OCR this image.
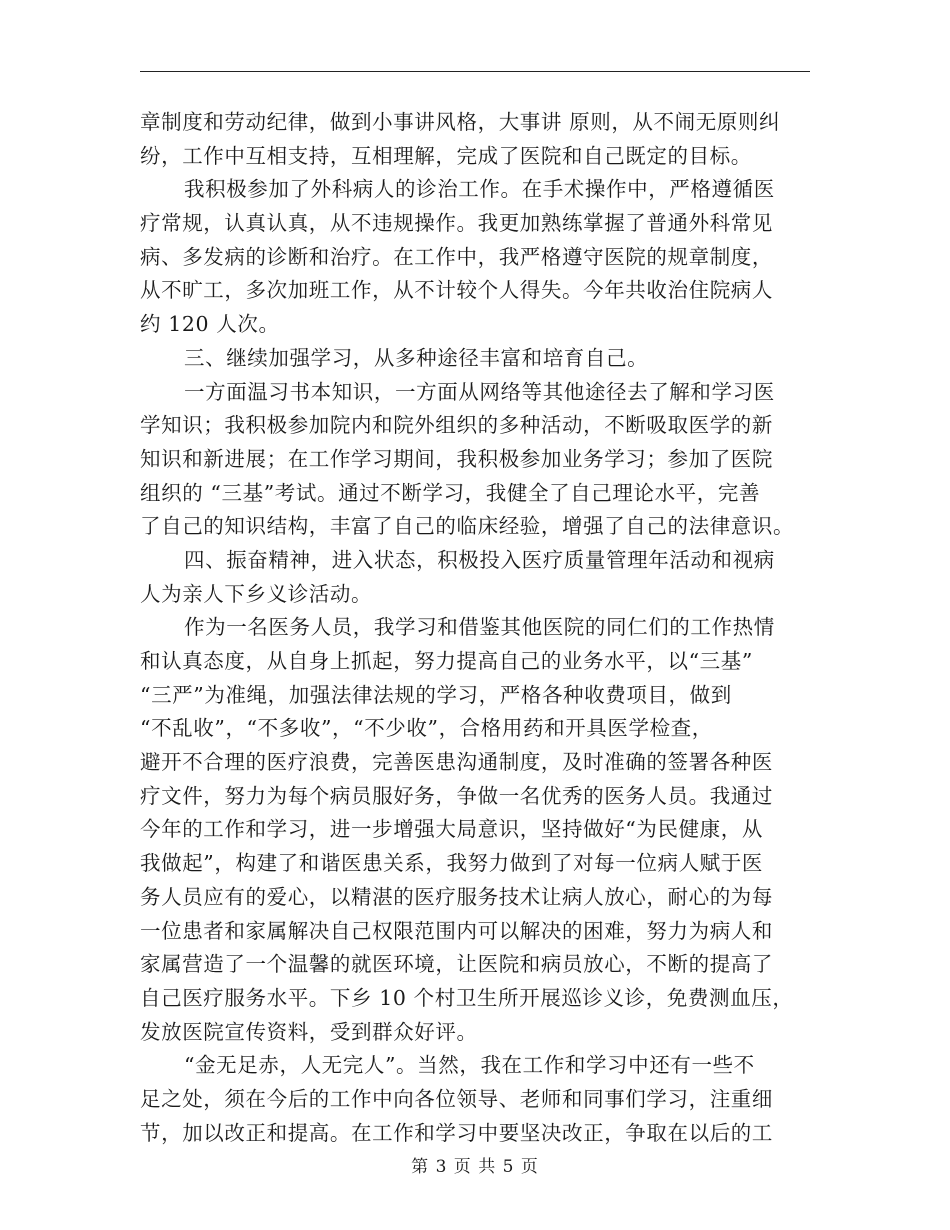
章制度和劳动纪律，做到小事讲风格，大事讲 原则，从不闹无原则纠
纷，工作中互相支持，互相理解，完成了医院和自己既定的目标。
我积极参加了外科病人的诊治工作。在手术操作中，严格遵循医
疗常规，认真认真，从不违规操作。我更加熟练掌握了普通外科常见
病、多发病的诊断和治疗。在工作中，我严格遵守医院的规章制度，
从不旷工，多次加班工作，从不计较个人得失。今年共收治住院病人
约 120 人次。
三、继续加强学习，从多种途径丰富和培育自己。
一方面温习书本知识，一方面从网络等其他途径去了解和学习医
学知识；我积极参加院内和院外组织的多种活动，不断吸取医学的新
知识和新进展；在工作学习期间，我积极参加业务学习；参加了医院
组织的 “三基”考试。通过不断学习，我健全了自己理论水平，完善
了自己的知识结构，丰富了自己的临床经验，增强了自己的法律意识。
四、振奋精神，进入状态，积极投入医疗质量管理年活动和视病
人为亲人下乡义诊活动。
作为一名医务人员，我学习和借鉴其他医院的同仁们的工作热情
和认真态度，从自身上抓起，努力提高自己的业务水平，以“三基”
“三严”为准绳，加强法律法规的学习，严格各种收费项目，做到
“不乱收”，“不多收”，“不少收”，合格用药和开具医学检查，
避开不合理的医疗浪费，完善医患沟通制度，及时准确的签署各种医
疗文件，努力为每个病员服好务，争做一名优秀的医务人员。我通过
今年的工作和学习，进一步增强大局意识，坚持做好“为民健康，从
我做起”，构建了和谐医患关系，我努力做到了对每一位病人赋于医
务人员应有的爱心，以精湛的医疗服务技术让病人放心，耐心的为每
一位患者和家属解决自己权限范围内可以解决的困难，努力为病人和
家属营造了一个温馨的就医环境，让医院和病员放心，不断的提高了
自己医疗服务水平。下乡 10 个村卫生所开展巡诊义诊，免费测血压，
发放医院宣传资料，受到群众好评。
“金无足赤，人无完人”。当然，我在工作和学习中还有一些不
足之处，须在今后的工作中向各位领导、老师和同事们学习，注重细
节，加以改正和提高。在工作和学习中要坚决改正，争取在以后的工
第 3 页 共 5 页
